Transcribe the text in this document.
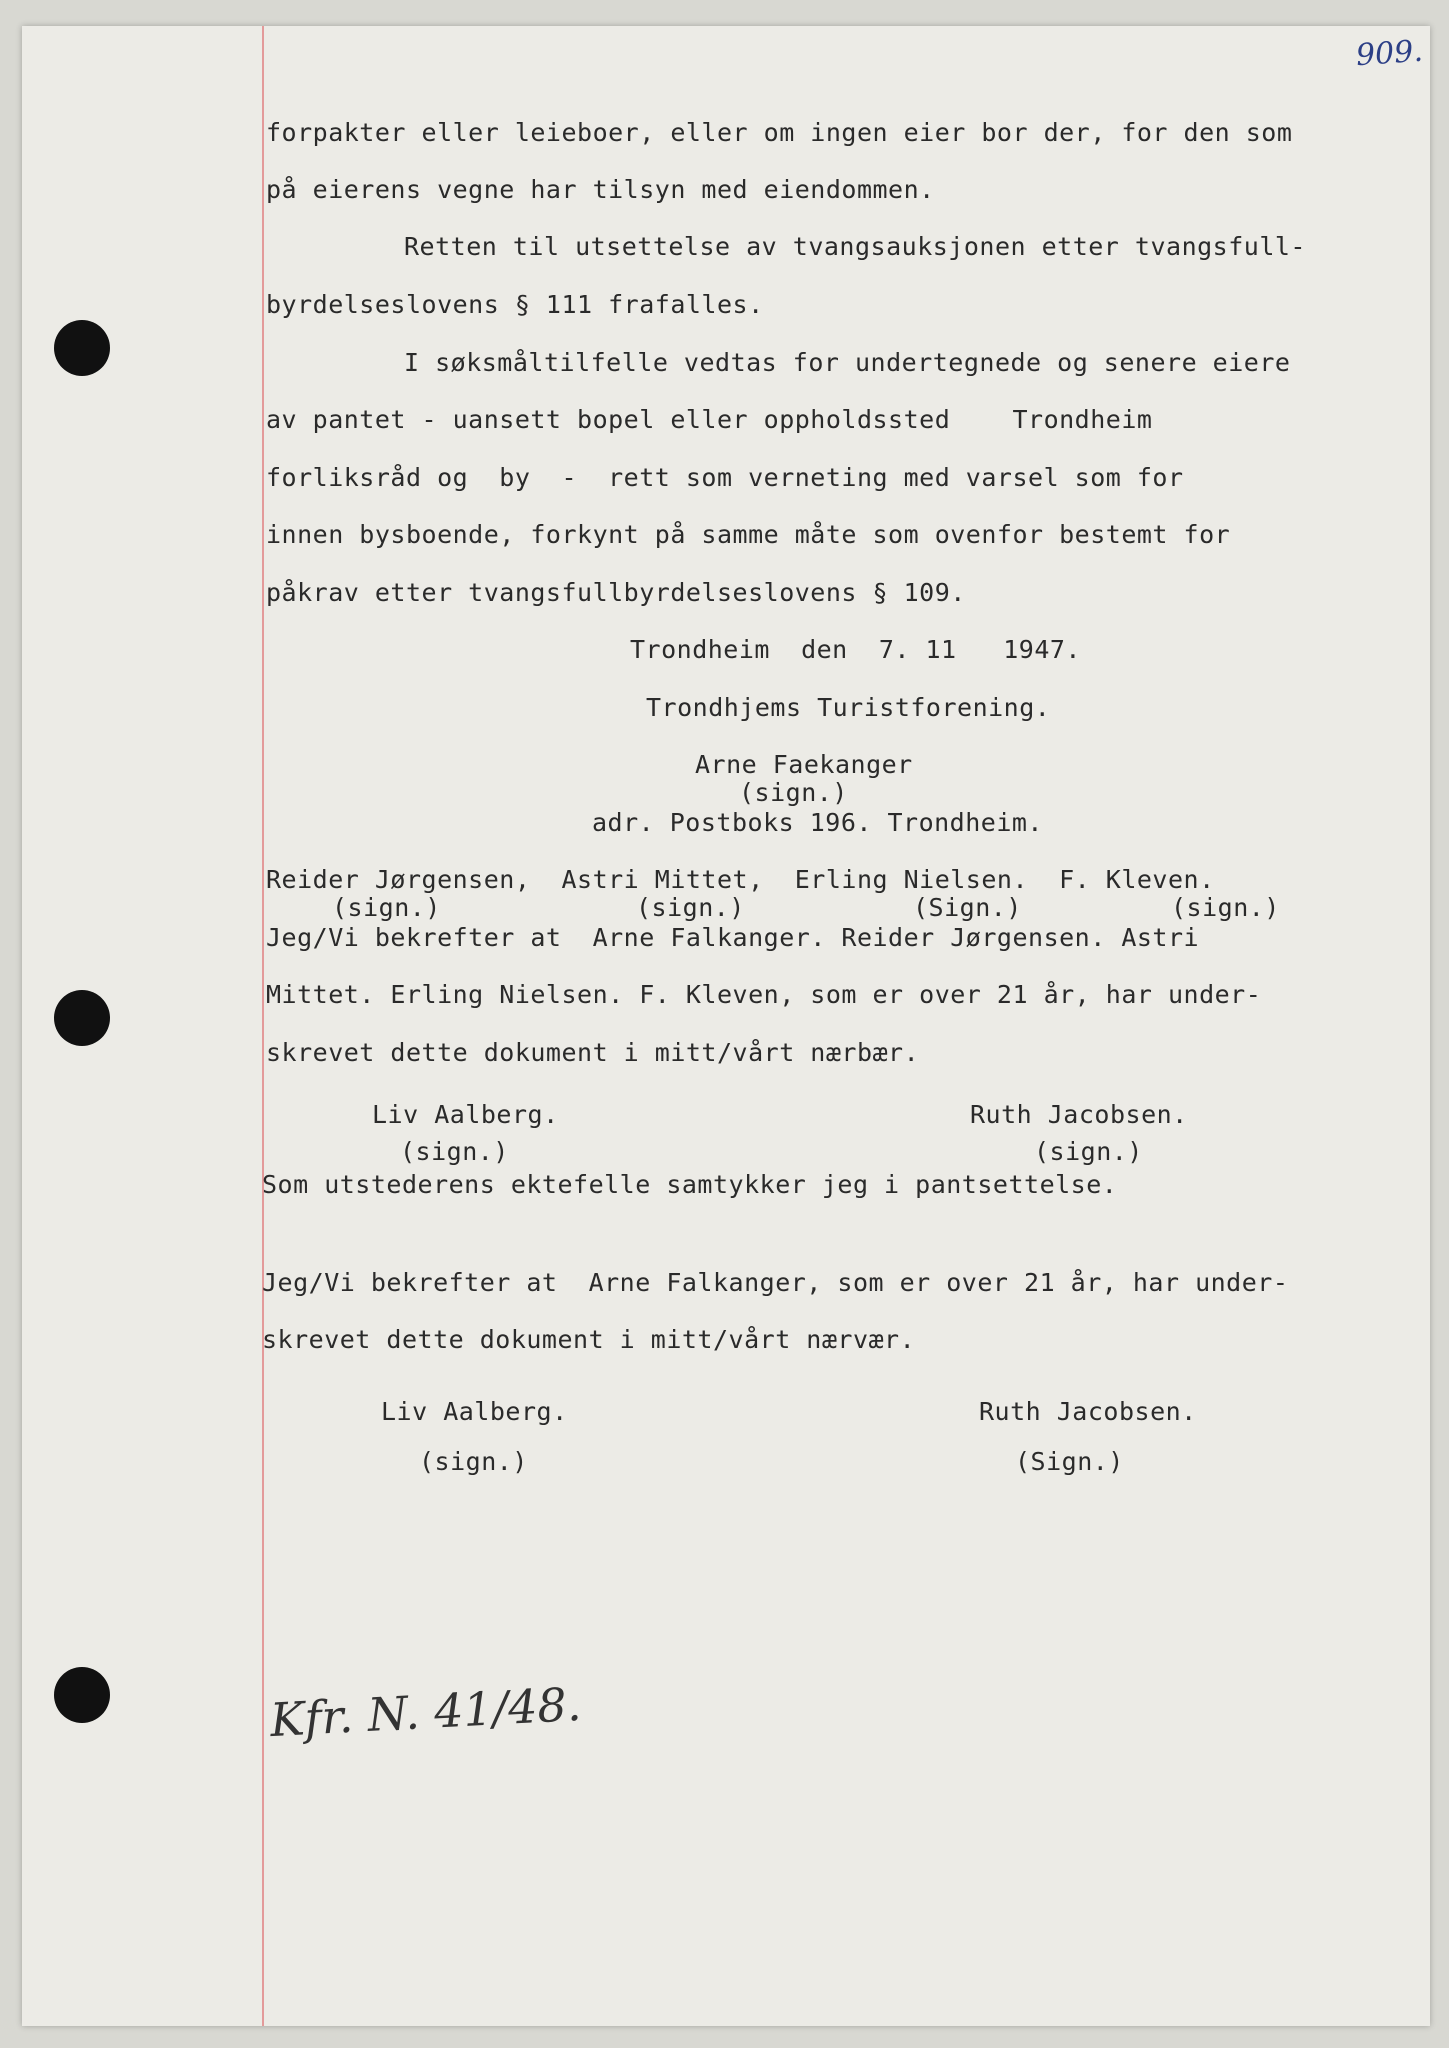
909.
forpakter eller leieboer, eller om ingen eier bor der, for den som
på eierens vegne har tilsyn med eiendommen.
Retten til utsettelse av tvangsauksjonen etter tvangsfull-
byrdelseslovens § 111 frafalles.
I søksmåltilfelle vedtas for undertegnede og senere eiere
av pantet - uansett bopel eller oppholdssted    Trondheim
forliksråd og  by  -  rett som verneting med varsel som for
innen bysboende, forkynt på samme måte som ovenfor bestemt for
påkrav etter tvangsfullbyrdelseslovens § 109.
Trondheim  den  7. 11   1947.
Trondhjems Turistforening.
Arne Faekanger
(sign.)
adr. Postboks 196. Trondheim.
Reider Jørgensen,  Astri Mittet,  Erling Nielsen.  F. Kleven.
(sign.)	(sign.)	(Sign.)	(sign.)
Jeg/Vi bekrefter at  Arne Falkanger. Reider Jørgensen. Astri
Mittet. Erling Nielsen. F. Kleven, som er over 21 år, har under-
skrevet dette dokument i mitt/vårt nærbær.
Liv Aalberg.	Ruth Jacobsen.
(sign.)	(sign.)
Som utstederens ektefelle samtykker jeg i pantsettelse.
Jeg/Vi bekrefter at  Arne Falkanger, som er over 21 år, har under-
skrevet dette dokument i mitt/vårt nærvær.
Liv Aalberg.	Ruth Jacobsen.
(sign.)	(Sign.)
Kfr. N. 41/48.
